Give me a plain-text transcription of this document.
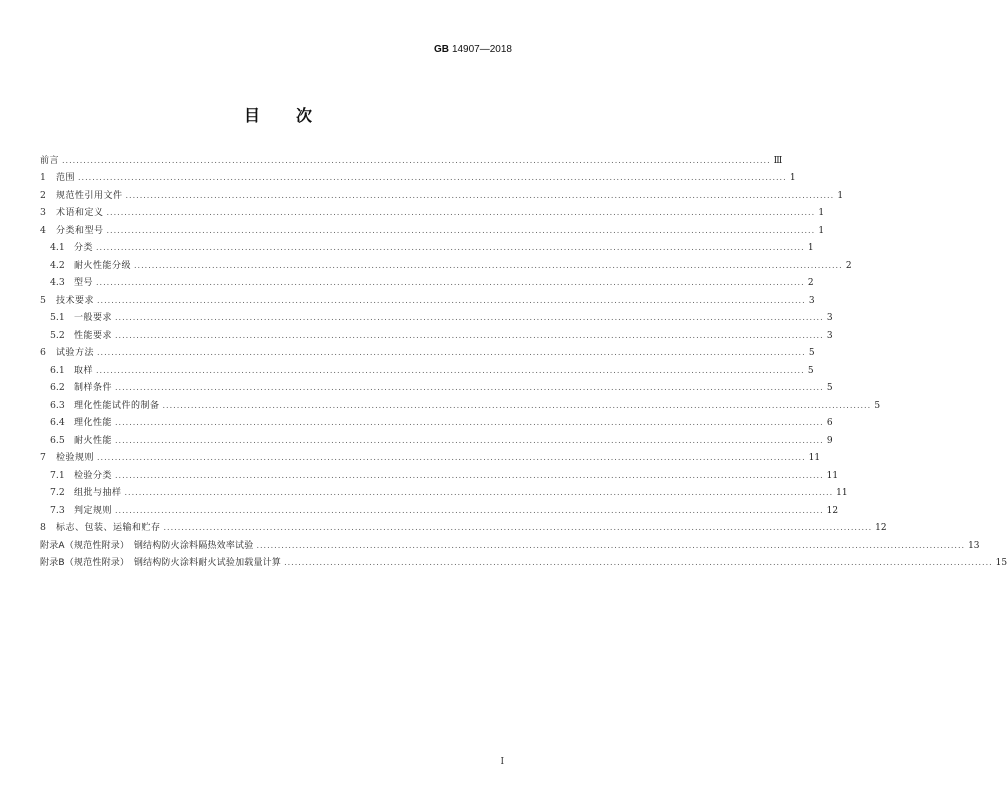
GB 14907—2018
目次
前言 ........................................................................................................................................................................................................ Ⅲ
1	范围 ........................................................................................................................................................................................................ 1
2	规范性引用文件 ........................................................................................................................................................................................................ 1
3	术语和定义 ........................................................................................................................................................................................................ 1
4	分类和型号 ........................................................................................................................................................................................................ 1
4.1	分类 ........................................................................................................................................................................................................ 1
4.2	耐火性能分级 ........................................................................................................................................................................................................ 2
4.3	型号 ........................................................................................................................................................................................................ 2
5	技术要求 ........................................................................................................................................................................................................ 3
5.1	一般要求 ........................................................................................................................................................................................................ 3
5.2	性能要求 ........................................................................................................................................................................................................ 3
6	试验方法 ........................................................................................................................................................................................................ 5
6.1	取样 ........................................................................................................................................................................................................ 5
6.2	制样条件 ........................................................................................................................................................................................................ 5
6.3	理化性能试件的制备 ........................................................................................................................................................................................................ 5
6.4	理化性能 ........................................................................................................................................................................................................ 6
6.5	耐火性能 ........................................................................................................................................................................................................ 9
7	检验规则 ........................................................................................................................................................................................................ 11
7.1	检验分类 ........................................................................................................................................................................................................ 11
7.2	组批与抽样 ........................................................................................................................................................................................................ 11
7.3	判定规则 ........................................................................................................................................................................................................ 12
8	标志、包装、运输和贮存 ........................................................................................................................................................................................................ 12
附录A（规范性附录）　钢结构防火涂料隔热效率试验 ........................................................................................................................................................................................................ 13
附录B（规范性附录）　钢结构防火涂料耐火试验加载量计算 ........................................................................................................................................................................................................ 15
I
